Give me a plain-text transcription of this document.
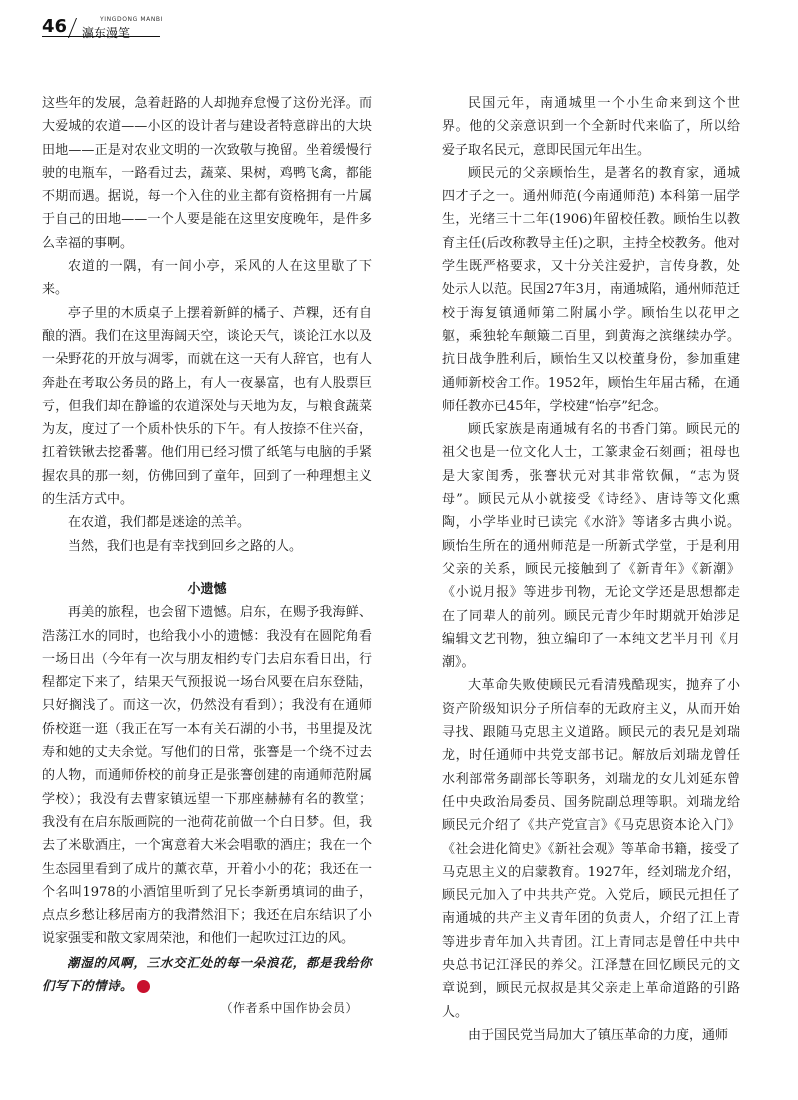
46	YINGDONG MANBI
瀛东漫笔

这些年的发展，急着赶路的人却抛弃怠慢了这份光泽。而大爱城的农道——小区的设计者与建设者特意辟出的大块田地——正是对农业文明的一次致敬与挽留。坐着缓慢行驶的电瓶车，一路看过去，蔬菜、果树，鸡鸭飞禽，都能不期而遇。据说，每一个入住的业主都有资格拥有一片属于自己的田地——一个人要是能在这里安度晚年，是件多么幸福的事啊。

农道的一隅，有一间小亭，采风的人在这里歇了下来。

亭子里的木质桌子上摆着新鲜的橘子、芦粿，还有自酿的酒。我们在这里海阔天空，谈论天气，谈论江水以及一朵野花的开放与凋零，而就在这一天有人辞官，也有人奔赴在考取公务员的路上，有人一夜暴富，也有人股票巨亏，但我们却在静谧的农道深处与天地为友，与粮食蔬菜为友，度过了一个质朴快乐的下午。有人按捺不住兴奋，扛着铁锹去挖番薯。他们用已经习惯了纸笔与电脑的手紧握农具的那一刻，仿佛回到了童年，回到了一种理想主义的生活方式中。

在农道，我们都是迷途的羔羊。

当然，我们也是有幸找到回乡之路的人。

小遗憾

再美的旅程，也会留下遗憾。启东，在赐予我海鲜、浩荡江水的同时，也给我小小的遗憾：我没有在圆陀角看一场日出（今年有一次与朋友相约专门去启东看日出，行程都定下来了，结果天气预报说一场台风要在启东登陆，只好搁浅了。而这一次，仍然没有看到）；我没有在通师侨校逛一逛（我正在写一本有关石湖的小书，书里提及沈寿和她的丈夫余觉。写他们的日常，张謇是一个绕不过去的人物，而通师侨校的前身正是张謇创建的南通师范附属学校）；我没有去曹家镇远望一下那座赫赫有名的教堂；我没有在启东版画院的一池荷花前做一个白日梦。但，我去了米歇酒庄，一个寓意着大米会唱歌的酒庄；我在一个生态园里看到了成片的薰衣草，开着小小的花；我还在一个名叫1978的小酒馆里听到了兄长李新勇填词的曲子，点点乡愁让移居南方的我潸然泪下；我还在启东结识了小说家强雯和散文家周荣池，和他们一起吹过江边的风。

潮湿的风啊，三水交汇处的每一朵浪花，都是我给你们写下的情诗。	✿

（作者系中国作协会员）

民国元年，南通城里一个小生命来到这个世界。他的父亲意识到一个全新时代来临了，所以给爱子取名民元，意即民国元年出生。

顾民元的父亲顾怡生，是著名的教育家，通城四才子之一。通州师范(今南通师范) 本科第一届学生，光绪三十二年(1906)年留校任教。顾怡生以教育主任(后改称教导主任)之职，主持全校教务。他对学生既严格要求，又十分关注爱护，言传身教，处处示人以范。民国27年3月，南通城陷，通州师范迁校于海复镇通师第二附属小学。顾怡生以花甲之躯，乘独轮车颠簸二百里，到黄海之滨继续办学。抗日战争胜利后，顾怡生又以校董身份，参加重建通师新校舍工作。1952年，顾怡生年届古稀，在通师任教亦已45年，学校建“怡亭”纪念。

顾氏家族是南通城有名的书香门第。顾民元的祖父也是一位文化人士，工篆隶金石刻画；祖母也是大家闺秀，张謇状元对其非常钦佩，“志为贤母”。顾民元从小就接受《诗经》、唐诗等文化熏陶，小学毕业时已读完《水浒》等诸多古典小说。顾怡生所在的通州师范是一所新式学堂，于是利用父亲的关系，顾民元接触到了《新青年》《新潮》《小说月报》等进步刊物，无论文学还是思想都走在了同辈人的前列。顾民元青少年时期就开始涉足编辑文艺刊物，独立编印了一本纯文艺半月刊《月潮》。

大革命失败使顾民元看清残酷现实，抛弃了小资产阶级知识分子所信奉的无政府主义，从而开始寻找、跟随马克思主义道路。顾民元的表兄是刘瑞龙，时任通师中共党支部书记。解放后刘瑞龙曾任水利部常务副部长等职务，刘瑞龙的女儿刘延东曾任中央政治局委员、国务院副总理等职。刘瑞龙给顾民元介绍了《共产党宣言》《马克思资本论入门》《社会进化简史》《新社会观》等革命书籍，接受了马克思主义的启蒙教育。1927年，经刘瑞龙介绍，顾民元加入了中共共产党。入党后，顾民元担任了南通城的共产主义青年团的负责人，介绍了江上青等进步青年加入共青团。江上青同志是曾任中共中央总书记江泽民的养父。江泽慧在回忆顾民元的文章说到，顾民元叔叔是其父亲走上革命道路的引路人。

由于国民党当局加大了镇压革命的力度，通师
